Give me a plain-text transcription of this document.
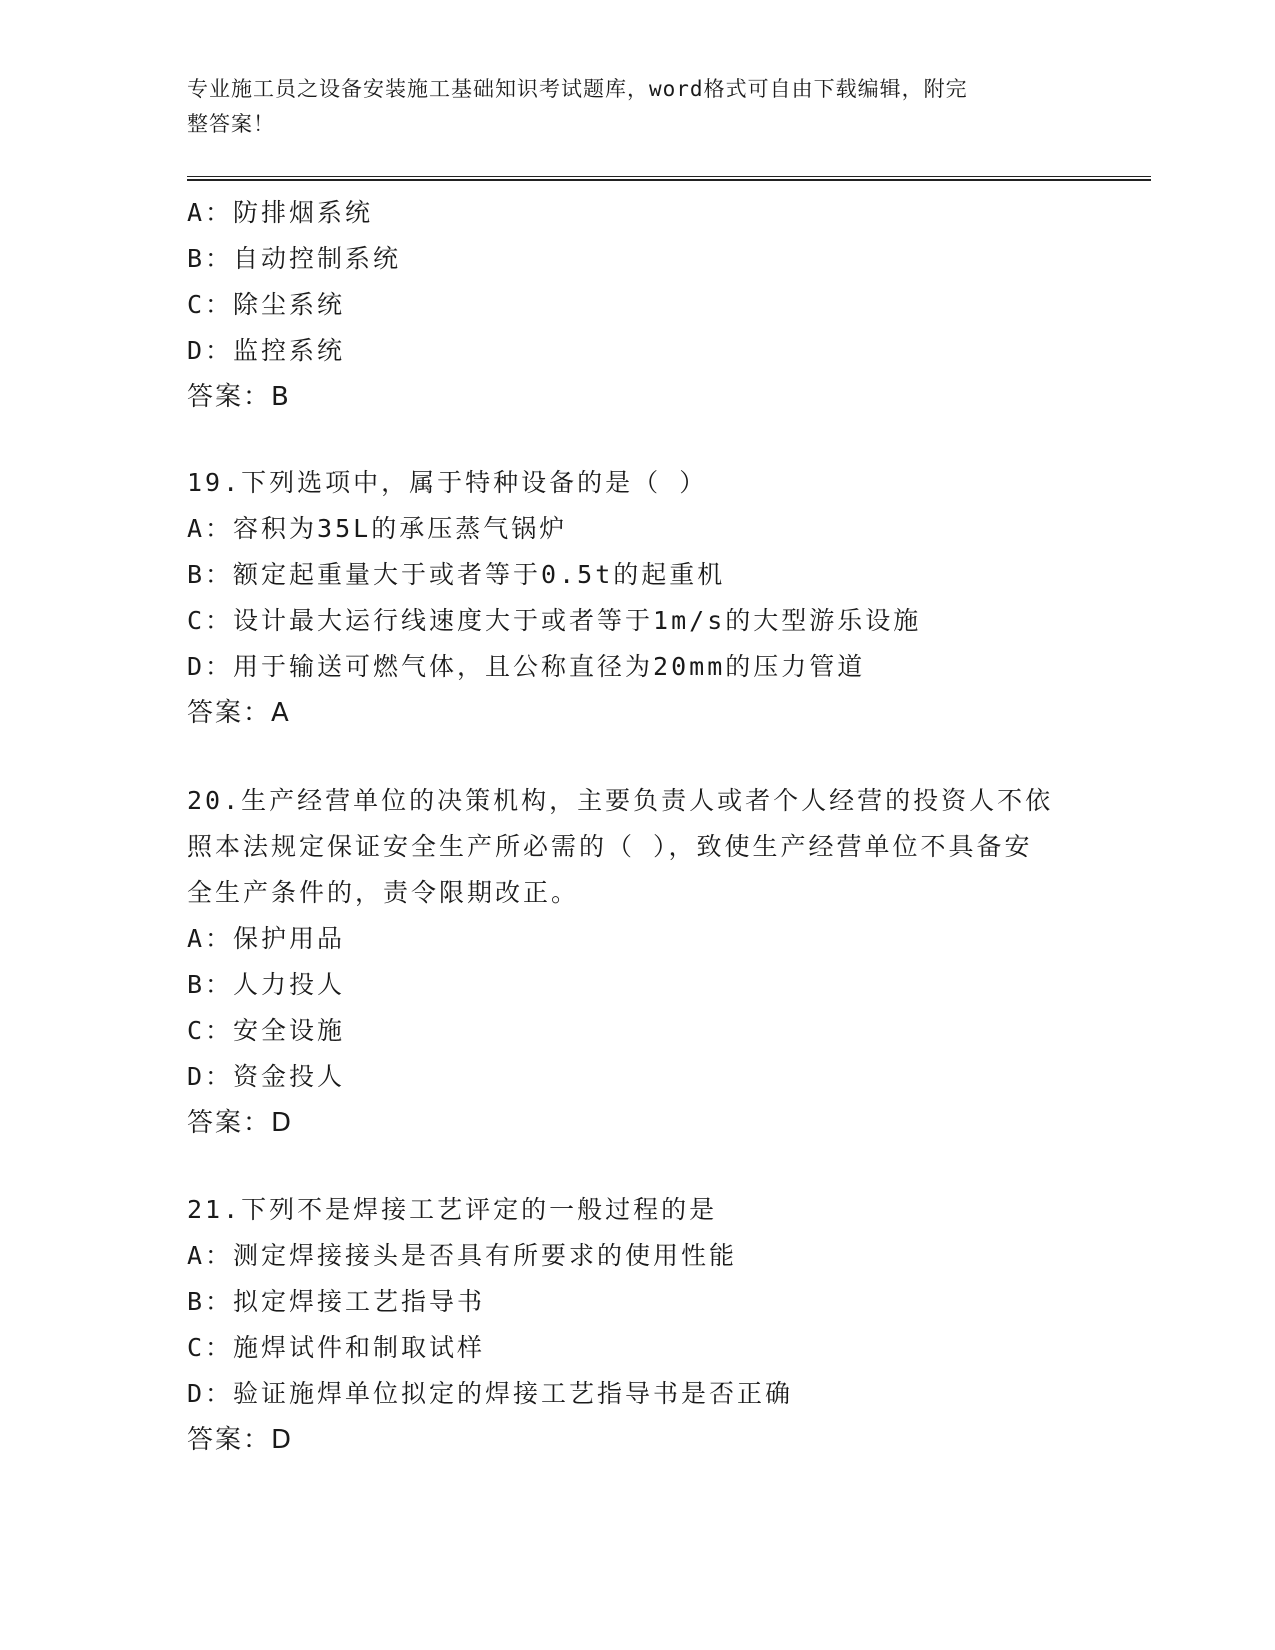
专业施工员之设备安装施工基础知识考试题库，word格式可自由下载编辑，附完
整答案！
A：防排烟系统
B：自动控制系统
C：除尘系统
D：监控系统
答案：B
19.下列选项中，属于特种设备的是（ ）
A：容积为35L的承压蒸气锅炉
B：额定起重量大于或者等于0.5t的起重机
C：设计最大运行线速度大于或者等于1m/s的大型游乐设施
D：用于输送可燃气体，且公称直径为20mm的压力管道
答案：A
20.生产经营单位的决策机构，主要负责人或者个人经营的投资人不依
照本法规定保证安全生产所必需的（ ），致使生产经营单位不具备安
全生产条件的，责令限期改正。
A：保护用品
B：人力投人
C：安全设施
D：资金投人
答案：D
21.下列不是焊接工艺评定的一般过程的是
A：测定焊接接头是否具有所要求的使用性能
B：拟定焊接工艺指导书
C：施焊试件和制取试样
D：验证施焊单位拟定的焊接工艺指导书是否正确
答案：D
